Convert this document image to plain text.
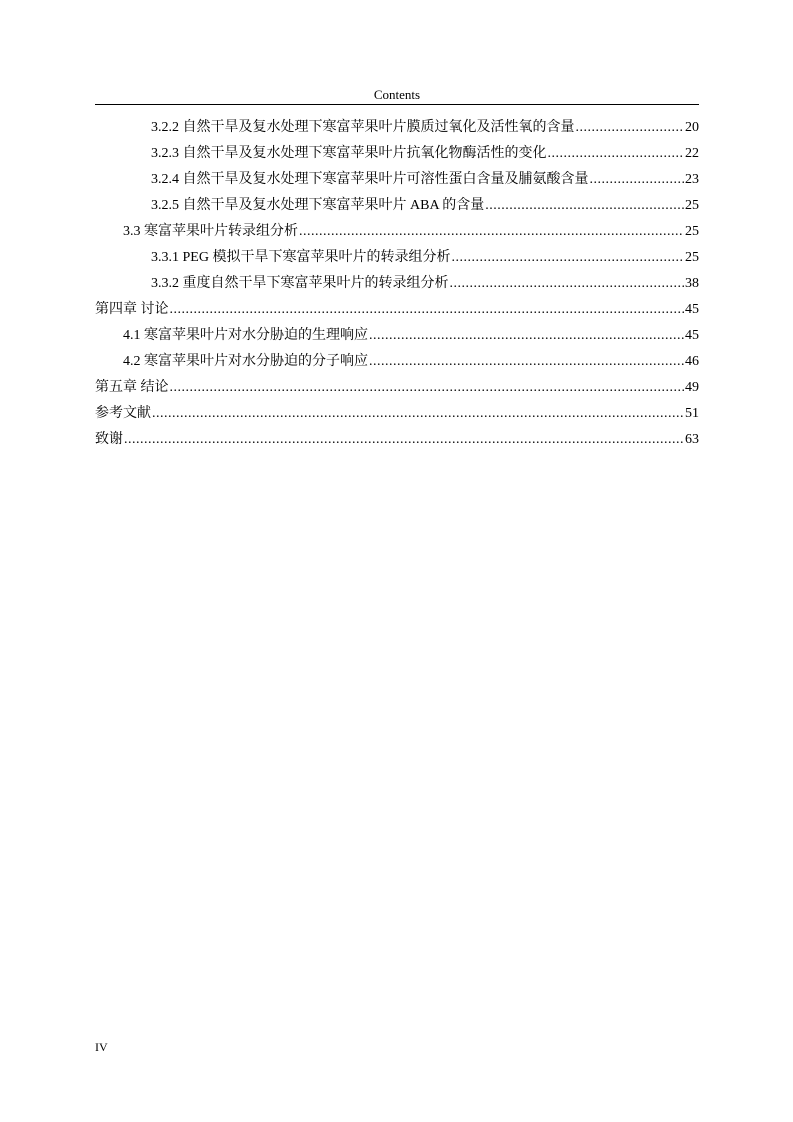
Contents
3.2.2 自然干旱及复水处理下寒富苹果叶片膜质过氧化及活性氧的含量 .....	20
3.2.3 自然干旱及复水处理下寒富苹果叶片抗氧化物酶活性的变化 .....	22
3.2.4 自然干旱及复水处理下寒富苹果叶片可溶性蛋白含量及脯氨酸含量 .....	23
3.2.5 自然干旱及复水处理下寒富苹果叶片 ABA 的含量 .....	25
3.3 寒富苹果叶片转录组分析 .....	25
3.3.1 PEG 模拟干旱下寒富苹果叶片的转录组分析 .....	25
3.3.2 重度自然干旱下寒富苹果叶片的转录组分析 .....	38
第四章 讨论 .....	45
4.1 寒富苹果叶片对水分胁迫的生理响应 .....	45
4.2 寒富苹果叶片对水分胁迫的分子响应 .....	46
第五章 结论 .....	49
参考文献 .....	51
致谢 .....	63
IV
